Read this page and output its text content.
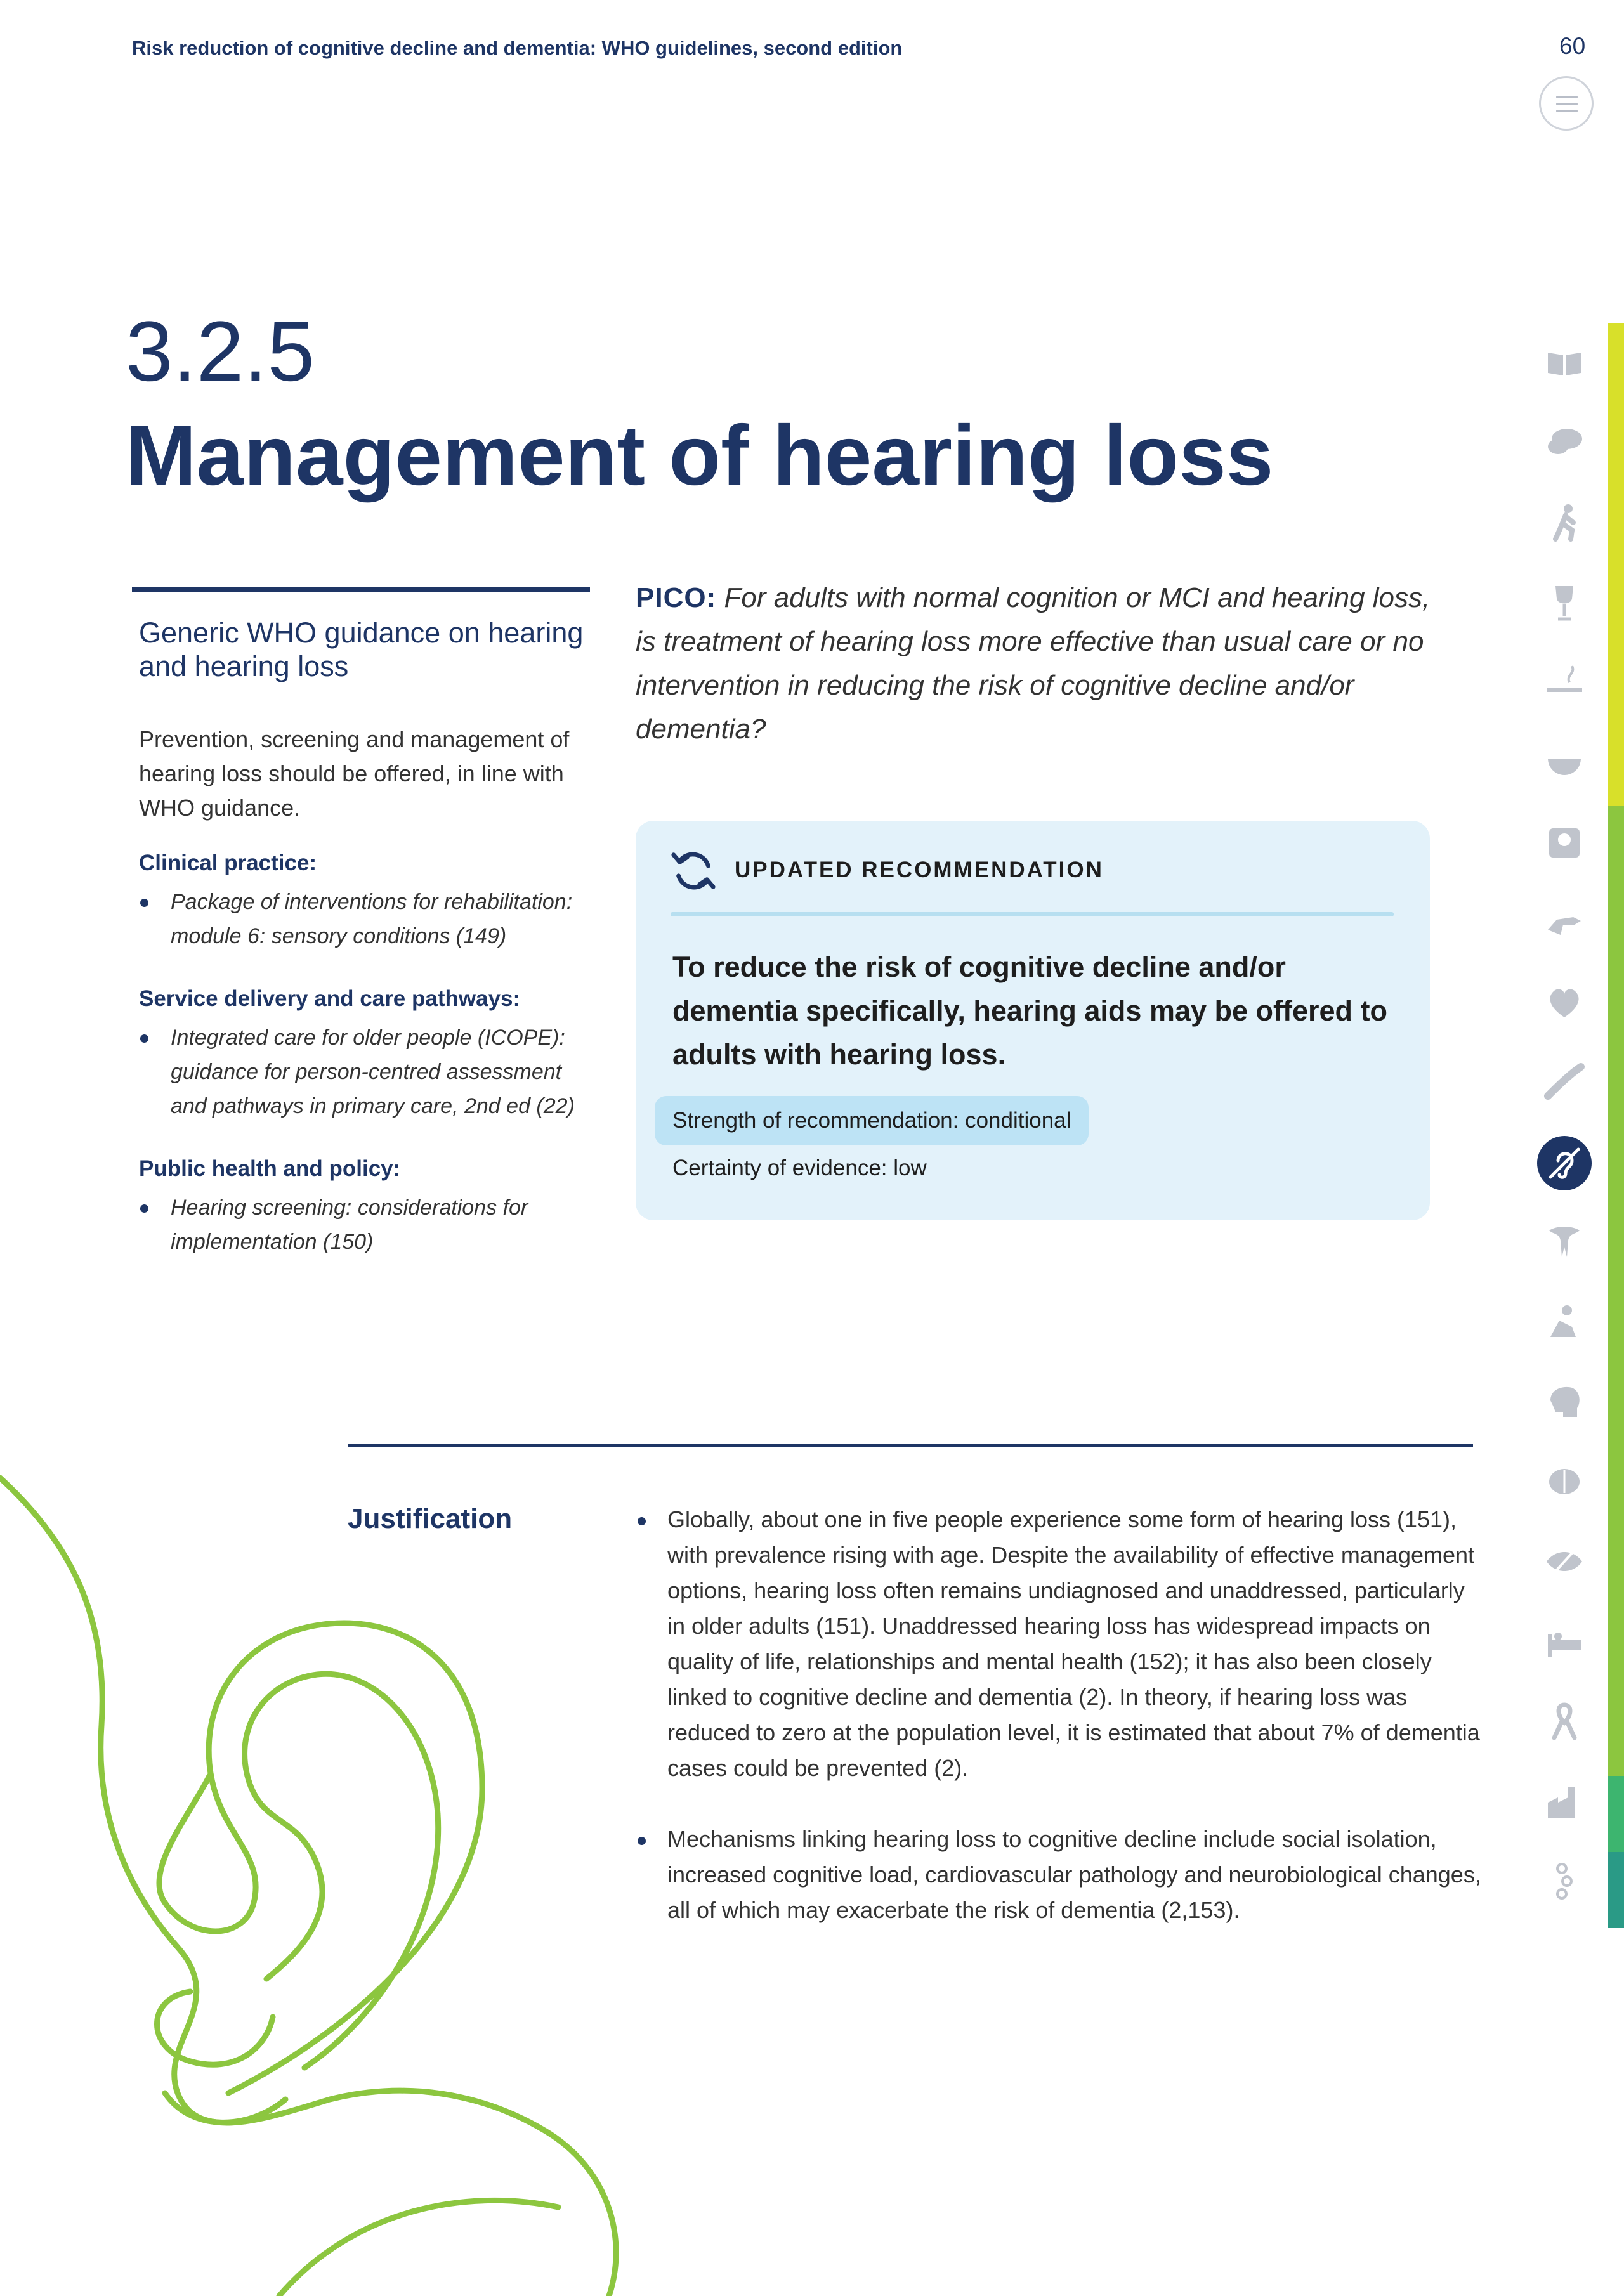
Risk reduction of cognitive decline and dementia: WHO guidelines, second edition	60
3.2.5
Management of hearing loss
Generic WHO guidance on hearing and hearing loss
Prevention, screening and management of hearing loss should be offered, in line with WHO guidance.
Clinical practice:
Package of interventions for rehabilitation: module 6: sensory conditions (149)
Service delivery and care pathways:
Integrated care for older people (ICOPE): guidance for person-centred assessment and pathways in primary care, 2nd ed (22)
Public health and policy:
Hearing screening: considerations for implementation (150)
PICO: For adults with normal cognition or MCI and hearing loss, is treatment of hearing loss more effective than usual care or no intervention in reducing the risk of cognitive decline and/or dementia?
UPDATED RECOMMENDATION
To reduce the risk of cognitive decline and/or dementia specifically, hearing aids may be offered to adults with hearing loss.
Strength of recommendation: conditional
Certainty of evidence: low
Justification	Globally, about one in five people experience some form of hearing loss (151), with prevalence rising with age. Despite the availability of effective management options, hearing loss often remains undiagnosed and unaddressed, particularly in older adults (151). Unaddressed hearing loss has widespread impacts on quality of life, relationships and mental health (152); it has also been closely linked to cognitive decline and dementia (2). In theory, if hearing loss was reduced to zero at the population level, it is estimated that about 7% of dementia cases could be prevented (2).
Mechanisms linking hearing loss to cognitive decline include social isolation, increased cognitive load, cardiovascular pathology and neurobiological changes, all of which may exacerbate the risk of dementia (2,153).
